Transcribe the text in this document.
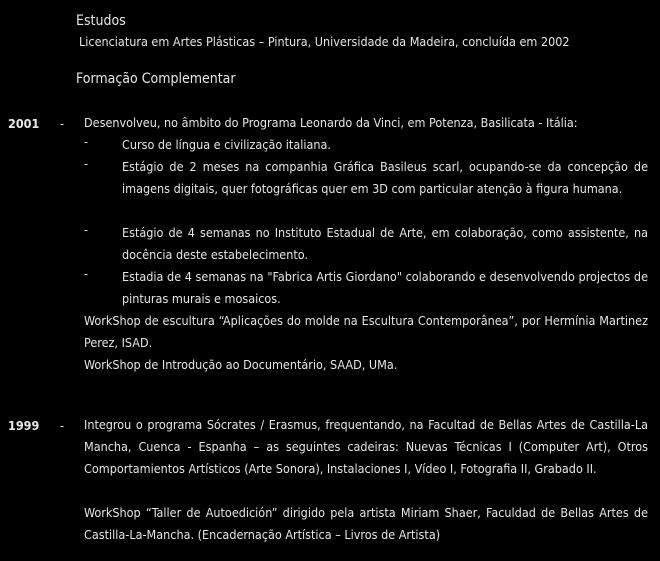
Estudos
Licenciatura em Artes Plásticas – Pintura, Universidade da Madeira, concluída em 2002
Formação Complementar
2001 - Desenvolveu, no âmbito do Programa Leonardo da Vinci, em Potenza, Basilicata - Itália:
-	Curso de língua e civilização italiana.
-	Estágio de 2 meses na companhia Gráfica Basileus scarl, ocupando-se da concepção de imagens digitais, quer fotográficas quer em 3D com particular atenção à figura humana.
-	Estágio de 4 semanas no Instituto Estadual de Arte, em colaboração, como assistente, na docência deste estabelecimento.
-	Estadia de 4 semanas na "Fabrica Artis Giordano" colaborando e desenvolvendo projectos de pinturas murais e mosaicos.
WorkShop de escultura “Aplicações do molde na Escultura Contemporânea”, por Hermínia Martinez Perez, ISAD.
WorkShop de Introdução ao Documentário, SAAD, UMa.
1999 - Integrou o programa Sócrates / Erasmus, frequentando, na Facultad de Bellas Artes de Castilla-La Mancha, Cuenca - Espanha – as seguintes cadeiras: Nuevas Técnicas I (Computer Art), Otros Comportamientos Artísticos (Arte Sonora), Instalaciones I, Vídeo I, Fotografia II, Grabado II.
WorkShop “Taller de Autoedición” dirigido pela artista Miriam Shaer, Faculdad de Bellas Artes de Castilla-La-Mancha. (Encadernação Artística – Livros de Artista)
